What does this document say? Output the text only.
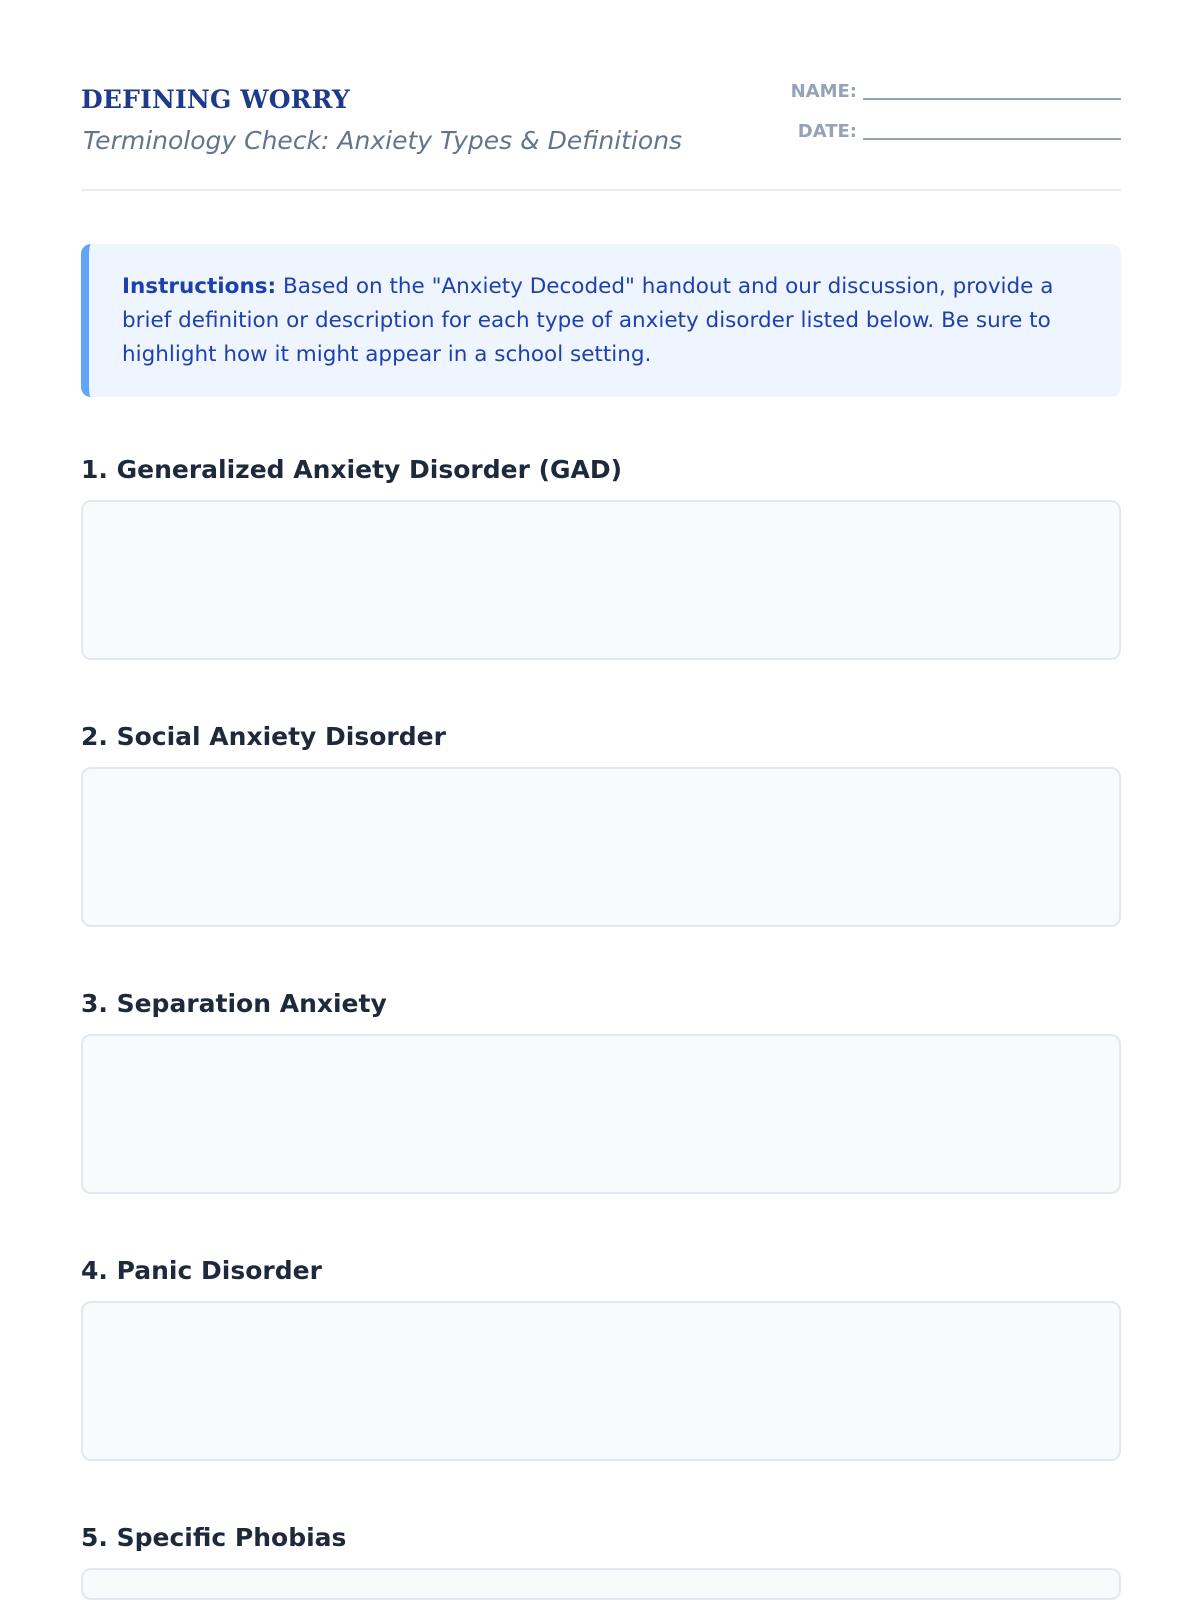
DEFINING WORRY
Terminology Check: Anxiety Types & Definitions
NAME:
DATE:
Instructions: Based on the "Anxiety Decoded" handout and our discussion, provide a brief definition or description for each type of anxiety disorder listed below. Be sure to highlight how it might appear in a school setting.
1. Generalized Anxiety Disorder (GAD)
2. Social Anxiety Disorder
3. Separation Anxiety
4. Panic Disorder
5. Specific Phobias
